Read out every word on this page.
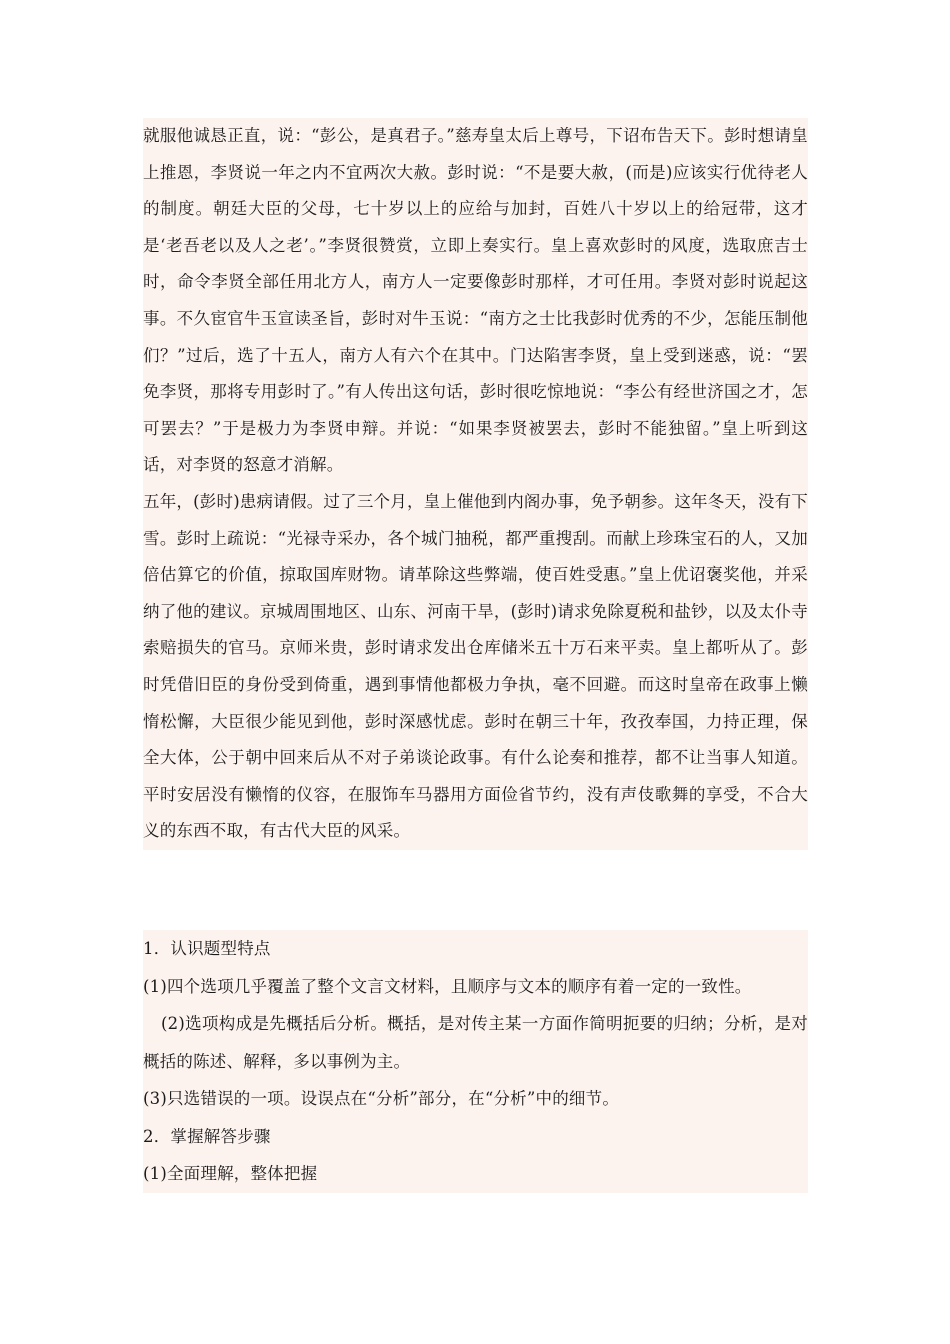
就服他诚恳正直，说：“彭公，是真君子。”慈寿皇太后上尊号，下诏布告天下。彭时想请皇上推恩，李贤说一年之内不宜两次大赦。彭时说：“不是要大赦，(而是)应该实行优待老人的制度。朝廷大臣的父母，七十岁以上的应给与加封，百姓八十岁以上的给冠带，这才是‘老吾老以及人之老’。”李贤很赞赏，立即上奏实行。皇上喜欢彭时的风度，选取庶吉士时，命令李贤全部任用北方人，南方人一定要像彭时那样，才可任用。李贤对彭时说起这事。不久宦官牛玉宣读圣旨，彭时对牛玉说：“南方之士比我彭时优秀的不少，怎能压制他们？”过后，选了十五人，南方人有六个在其中。门达陷害李贤，皇上受到迷惑，说：“罢免李贤，那将专用彭时了。”有人传出这句话，彭时很吃惊地说：“李公有经世济国之才，怎可罢去？”于是极力为李贤申辩。并说：“如果李贤被罢去，彭时不能独留。”皇上听到这话，对李贤的怒意才消解。

五年，(彭时)患病请假。过了三个月，皇上催他到内阁办事，免予朝参。这年冬天，没有下雪。彭时上疏说：“光禄寺采办，各个城门抽税，都严重搜刮。而献上珍珠宝石的人，又加倍估算它的价值，掠取国库财物。请革除这些弊端，使百姓受惠。”皇上优诏褒奖他，并采纳了他的建议。京城周围地区、山东、河南干旱，(彭时)请求免除夏税和盐钞，以及太仆寺索赔损失的官马。京师米贵，彭时请求发出仓库储米五十万石来平卖。皇上都听从了。彭时凭借旧臣的身份受到倚重，遇到事情他都极力争执，毫不回避。而这时皇帝在政事上懒惰松懈，大臣很少能见到他，彭时深感忧虑。彭时在朝三十年，孜孜奉国，力持正理，保全大体，公于朝中回来后从不对子弟谈论政事。有什么论奏和推荐，都不让当事人知道。平时安居没有懒惰的仪容，在服饰车马器用方面俭省节约，没有声伎歌舞的享受，不合大义的东西不取，有古代大臣的风采。

1．认识题型特点

(1)四个选项几乎覆盖了整个文言文材料，且顺序与文本的顺序有着一定的一致性。

(2)选项构成是先概括后分析。概括，是对传主某一方面作简明扼要的归纳；分析，是对概括的陈述、解释，多以事例为主。

(3)只选错误的一项。设误点在“分析”部分，在“分析”中的细节。

2．掌握解答步骤

(1)全面理解，整体把握
